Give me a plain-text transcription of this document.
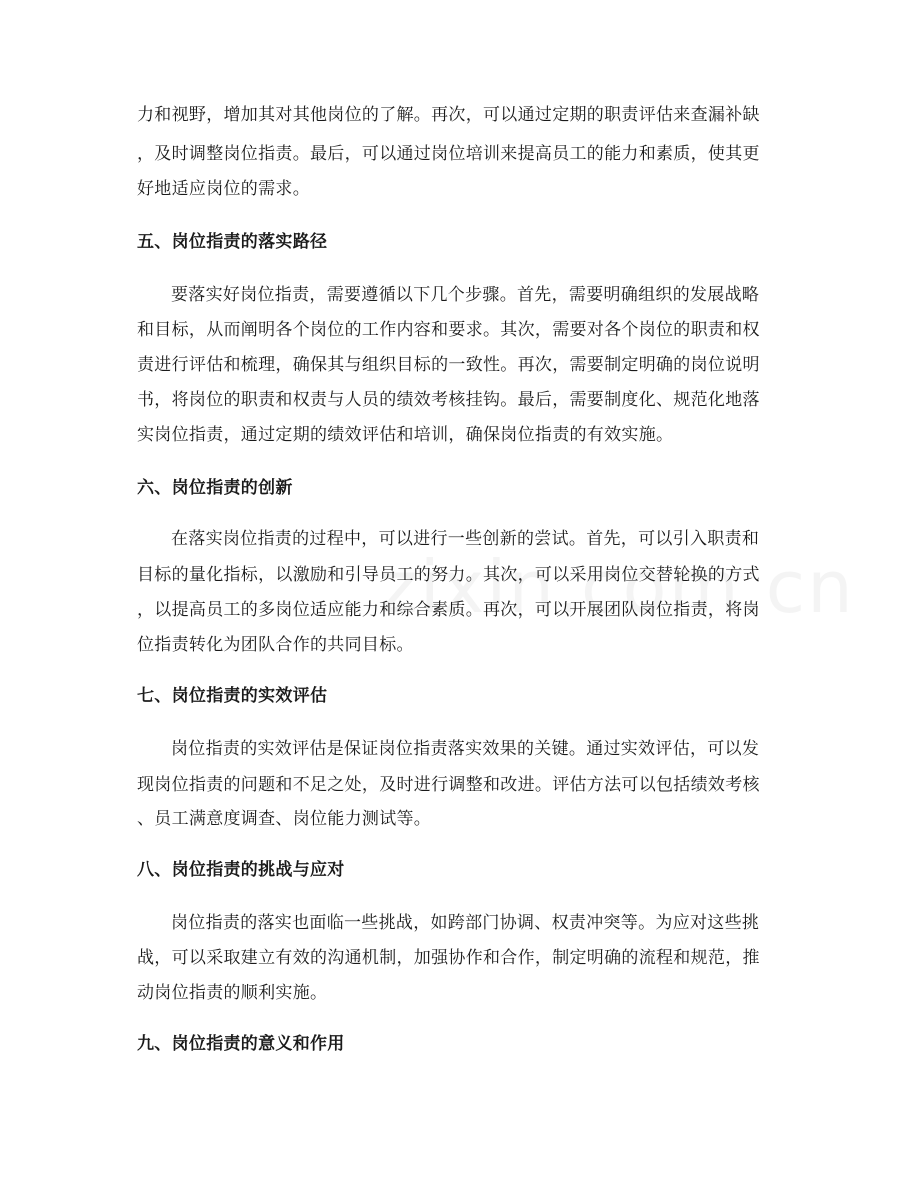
力和视野，增加其对其他岗位的了解。再次，可以通过定期的职责评估来查漏补缺
，及时调整岗位指责。最后，可以通过岗位培训来提高员工的能力和素质，使其更
好地适应岗位的需求。
五、岗位指责的落实路径
要落实好岗位指责，需要遵循以下几个步骤。首先，需要明确组织的发展战略
和目标，从而阐明各个岗位的工作内容和要求。其次，需要对各个岗位的职责和权
责进行评估和梳理，确保其与组织目标的一致性。再次，需要制定明确的岗位说明
书，将岗位的职责和权责与人员的绩效考核挂钩。最后，需要制度化、规范化地落
实岗位指责，通过定期的绩效评估和培训，确保岗位指责的有效实施。
六、岗位指责的创新
在落实岗位指责的过程中，可以进行一些创新的尝试。首先，可以引入职责和
目标的量化指标，以激励和引导员工的努力。其次，可以采用岗位交替轮换的方式
，以提高员工的多岗位适应能力和综合素质。再次，可以开展团队岗位指责，将岗
位指责转化为团队合作的共同目标。
七、岗位指责的实效评估
岗位指责的实效评估是保证岗位指责落实效果的关键。通过实效评估，可以发
现岗位指责的问题和不足之处，及时进行调整和改进。评估方法可以包括绩效考核
、员工满意度调查、岗位能力测试等。
八、岗位指责的挑战与应对
岗位指责的落实也面临一些挑战，如跨部门协调、权责冲突等。为应对这些挑
战，可以采取建立有效的沟通机制，加强协作和合作，制定明确的流程和规范，推
动岗位指责的顺利实施。
九、岗位指责的意义和作用
